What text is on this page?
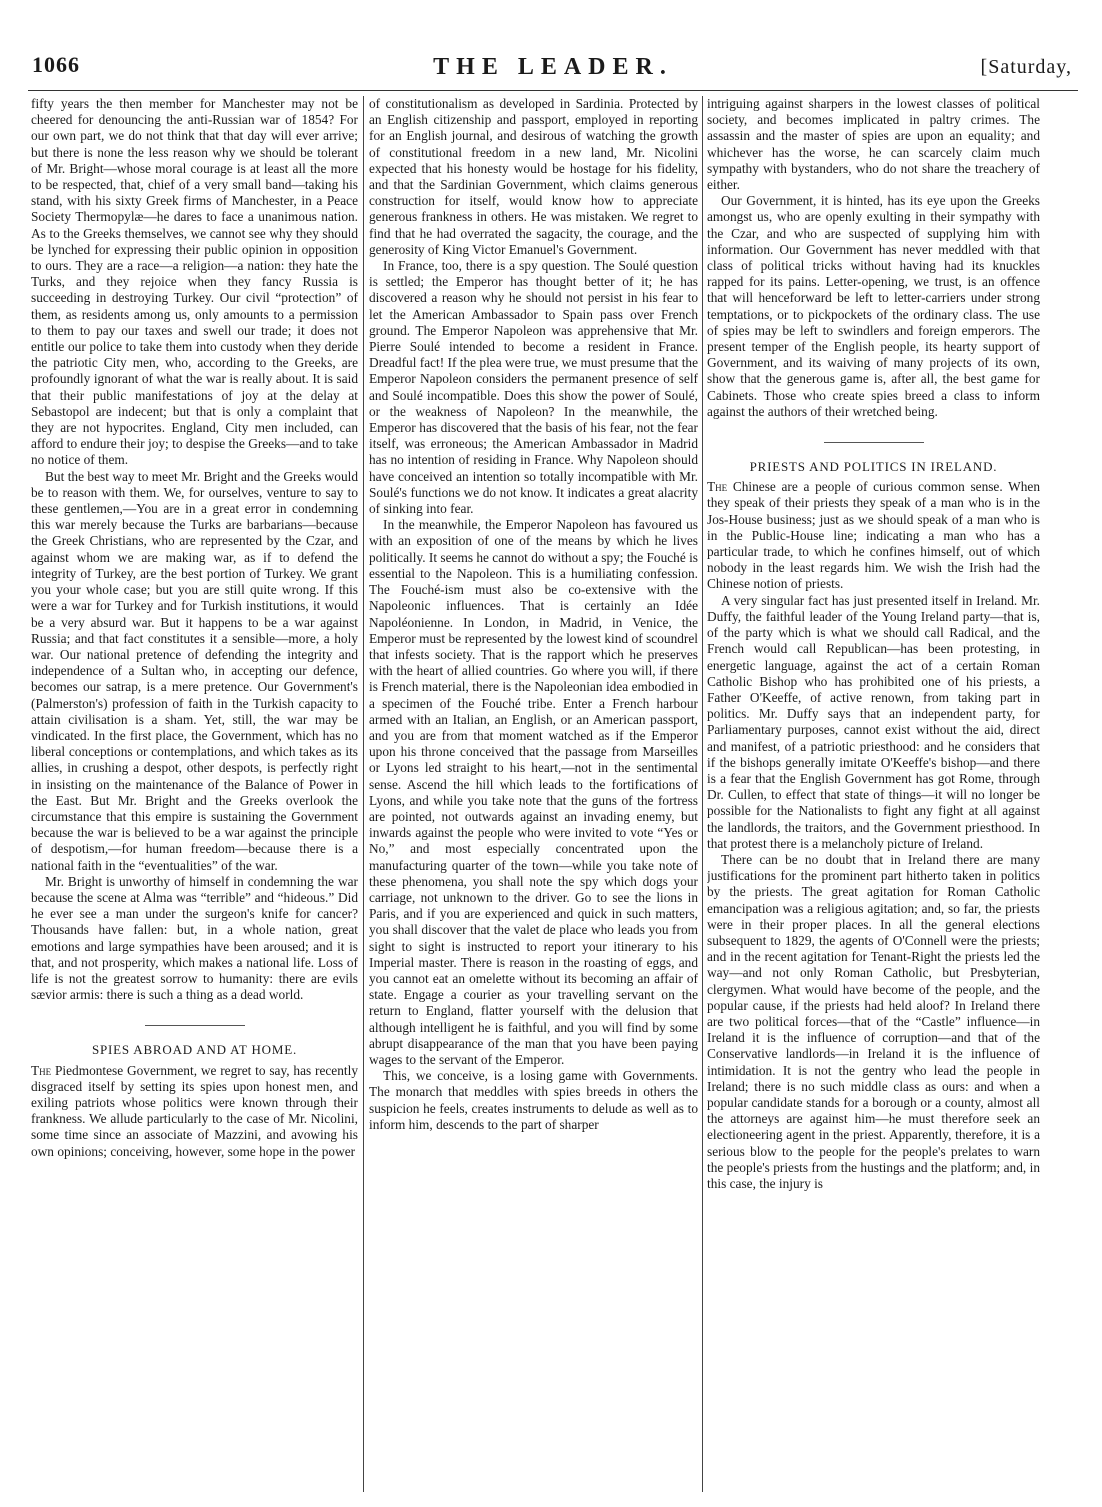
1066	THE LEADER.	[Saturday,

fifty years the then member for Manchester may not be cheered for denouncing the anti-Russian war of 1854? For our own part, we do not think that that day will ever arrive; but there is none the less reason why we should be tolerant of Mr. Bright—whose moral courage is at least all the more to be respected, that, chief of a very small band—taking his stand, with his sixty Greek firms of Manchester, in a Peace Society Thermopylæ—he dares to face a unanimous nation. As to the Greeks themselves, we cannot see why they should be lynched for expressing their public opinion in opposition to ours. They are a race—a religion—a nation: they hate the Turks, and they rejoice when they fancy Russia is succeeding in destroying Turkey. Our civil “protection” of them, as residents among us, only amounts to a permission to them to pay our taxes and swell our trade; it does not entitle our police to take them into custody when they deride the patriotic City men, who, according to the Greeks, are profoundly ignorant of what the war is really about. It is said that their public manifestations of joy at the delay at Sebastopol are indecent; but that is only a complaint that they are not hypocrites. England, City men included, can afford to endure their joy; to despise the Greeks—and to take no notice of them.

But the best way to meet Mr. Bright and the Greeks would be to reason with them. We, for ourselves, venture to say to these gentlemen,—You are in a great error in condemning this war merely because the Turks are barbarians—because the Greek Christians, who are represented by the Czar, and against whom we are making war, as if to defend the integrity of Turkey, are the best portion of Turkey. We grant you your whole case; but you are still quite wrong. If this were a war for Turkey and for Turkish institutions, it would be a very absurd war. But it happens to be a war against Russia; and that fact constitutes it a sensible—more, a holy war. Our national pretence of defending the integrity and independence of a Sultan who, in accepting our defence, becomes our satrap, is a mere pretence. Our Government's (Palmerston's) profession of faith in the Turkish capacity to attain civilisation is a sham. Yet, still, the war may be vindicated. In the first place, the Government, which has no liberal conceptions or contemplations, and which takes as its allies, in crushing a despot, other despots, is perfectly right in insisting on the maintenance of the Balance of Power in the East. But Mr. Bright and the Greeks overlook the circumstance that this empire is sustaining the Government because the war is believed to be a war against the principle of despotism,—for human freedom—because there is a national faith in the “eventualities” of the war.

Mr. Bright is unworthy of himself in condemning the war because the scene at Alma was “terrible” and “hideous.” Did he ever see a man under the surgeon's knife for cancer? Thousands have fallen: but, in a whole nation, great emotions and large sympathies have been aroused; and it is that, and not prosperity, which makes a national life. Loss of life is not the greatest sorrow to humanity: there are evils sævior armis: there is such a thing as a dead world.

SPIES ABROAD AND AT HOME.

The Piedmontese Government, we regret to say, has recently disgraced itself by setting its spies upon honest men, and exiling patriots whose politics were known through their frankness. We allude particularly to the case of Mr. Nicolini, some time since an associate of Mazzini, and avowing his own opinions; conceiving, however, some hope in the power

of constitutionalism as developed in Sardinia. Protected by an English citizenship and passport, employed in reporting for an English journal, and desirous of watching the growth of constitutional freedom in a new land, Mr. Nicolini expected that his honesty would be hostage for his fidelity, and that the Sardinian Government, which claims generous construction for itself, would know how to appreciate generous frankness in others. He was mistaken. We regret to find that he had overrated the sagacity, the courage, and the generosity of King Victor Emanuel's Government.

In France, too, there is a spy question. The Soulé question is settled; the Emperor has thought better of it; he has discovered a reason why he should not persist in his fear to let the American Ambassador to Spain pass over French ground. The Emperor Napoleon was apprehensive that Mr. Pierre Soulé intended to become a resident in France. Dreadful fact! If the plea were true, we must presume that the Emperor Napoleon considers the permanent presence of self and Soulé incompatible. Does this show the power of Soulé, or the weakness of Napoleon? In the meanwhile, the Emperor has discovered that the basis of his fear, not the fear itself, was erroneous; the American Ambassador in Madrid has no intention of residing in France. Why Napoleon should have conceived an intention so totally incompatible with Mr. Soulé's functions we do not know. It indicates a great alacrity of sinking into fear.

In the meanwhile, the Emperor Napoleon has favoured us with an exposition of one of the means by which he lives politically. It seems he cannot do without a spy; the Fouché is essential to the Napoleon. This is a humiliating confession. The Fouché-ism must also be co-extensive with the Napoleonic influences. That is certainly an Idée Napoléonienne. In London, in Madrid, in Venice, the Emperor must be represented by the lowest kind of scoundrel that infests society. That is the rapport which he preserves with the heart of allied countries. Go where you will, if there is French material, there is the Napoleonian idea embodied in a specimen of the Fouché tribe. Enter a French harbour armed with an Italian, an English, or an American passport, and you are from that moment watched as if the Emperor upon his throne conceived that the passage from Marseilles or Lyons led straight to his heart,—not in the sentimental sense. Ascend the hill which leads to the fortifications of Lyons, and while you take note that the guns of the fortress are pointed, not outwards against an invading enemy, but inwards against the people who were invited to vote “Yes or No,” and most especially concentrated upon the manufacturing quarter of the town—while you take note of these phenomena, you shall note the spy which dogs your carriage, not unknown to the driver. Go to see the lions in Paris, and if you are experienced and quick in such matters, you shall discover that the valet de place who leads you from sight to sight is instructed to report your itinerary to his Imperial master. There is reason in the roasting of eggs, and you cannot eat an omelette without its becoming an affair of state. Engage a courier as your travelling servant on the return to England, flatter yourself with the delusion that although intelligent he is faithful, and you will find by some abrupt disappearance of the man that you have been paying wages to the servant of the Emperor.

This, we conceive, is a losing game with Governments. The monarch that meddles with spies breeds in others the suspicion he feels, creates instruments to delude as well as to inform him, descends to the part of sharper

intriguing against sharpers in the lowest classes of political society, and becomes implicated in paltry crimes. The assassin and the master of spies are upon an equality; and whichever has the worse, he can scarcely claim much sympathy with bystanders, who do not share the treachery of either.

Our Government, it is hinted, has its eye upon the Greeks amongst us, who are openly exulting in their sympathy with the Czar, and who are suspected of supplying him with information. Our Government has never meddled with that class of political tricks without having had its knuckles rapped for its pains. Letter-opening, we trust, is an offence that will henceforward be left to letter-carriers under strong temptations, or to pickpockets of the ordinary class. The use of spies may be left to swindlers and foreign emperors. The present temper of the English people, its hearty support of Government, and its waiving of many projects of its own, show that the generous game is, after all, the best game for Cabinets. Those who create spies breed a class to inform against the authors of their wretched being.

PRIESTS AND POLITICS IN IRELAND.

The Chinese are a people of curious common sense. When they speak of their priests they speak of a man who is in the Jos-House business; just as we should speak of a man who is in the Public-House line; indicating a man who has a particular trade, to which he confines himself, out of which nobody in the least regards him. We wish the Irish had the Chinese notion of priests.

A very singular fact has just presented itself in Ireland. Mr. Duffy, the faithful leader of the Young Ireland party—that is, of the party which is what we should call Radical, and the French would call Republican—has been protesting, in energetic language, against the act of a certain Roman Catholic Bishop who has prohibited one of his priests, a Father O'Keeffe, of active renown, from taking part in politics. Mr. Duffy says that an independent party, for Parliamentary purposes, cannot exist without the aid, direct and manifest, of a patriotic priesthood: and he considers that if the bishops generally imitate O'Keeffe's bishop—and there is a fear that the English Government has got Rome, through Dr. Cullen, to effect that state of things—it will no longer be possible for the Nationalists to fight any fight at all against the landlords, the traitors, and the Government priesthood. In that protest there is a melancholy picture of Ireland.

There can be no doubt that in Ireland there are many justifications for the prominent part hitherto taken in politics by the priests. The great agitation for Roman Catholic emancipation was a religious agitation; and, so far, the priests were in their proper places. In all the general elections subsequent to 1829, the agents of O'Connell were the priests; and in the recent agitation for Tenant-Right the priests led the way—and not only Roman Catholic, but Presbyterian, clergymen. What would have become of the people, and the popular cause, if the priests had held aloof? In Ireland there are two political forces—that of the “Castle” influence—in Ireland it is the influence of corruption—and that of the Conservative landlords—in Ireland it is the influence of intimidation. It is not the gentry who lead the people in Ireland; there is no such middle class as ours: and when a popular candidate stands for a borough or a county, almost all the attorneys are against him—he must therefore seek an electioneering agent in the priest. Apparently, therefore, it is a serious blow to the people for the people's prelates to warn the people's priests from the hustings and the platform; and, in this case, the injury is
